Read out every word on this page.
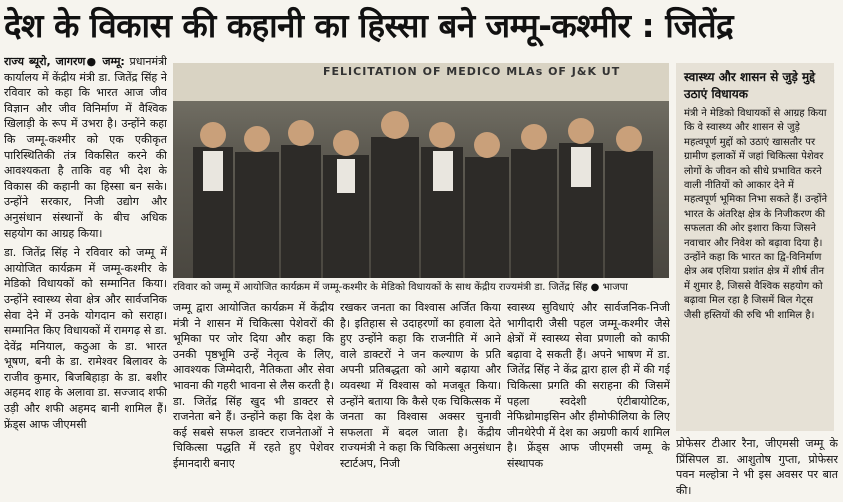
देश के विकास की कहानी का हिस्सा बने जम्मू-कश्मीर : जितेंद्र

राज्य ब्यूरो, जागरण● जम्मू: प्रधानमंत्री कार्यालय में केंद्रीय मंत्री डा. जितेंद्र सिंह ने रविवार को कहा कि भारत आज जीव विज्ञान और जीव विनिर्माण में वैश्विक खिलाड़ी के रूप में उभरा है। उन्होंने कहा कि जम्मू-कश्मीर को एक एकीकृत पारिस्थितिकी तंत्र विकसित करने की आवश्यकता है ताकि वह भी देश के विकास की कहानी का हिस्सा बन सके। उन्होंने सरकार, निजी उद्योग और अनुसंधान संस्थानों के बीच अधिक सहयोग का आग्रह किया।

डा. जितेंद्र सिंह ने रविवार को जम्मू में आयोजित कार्यक्रम में जम्मू-कश्मीर के मेडिको विधायकों को सम्मानित किया। उन्होंने स्वास्थ्य सेवा क्षेत्र और सार्वजनिक सेवा देने में उनके योगदान को सराहा। सम्मानित किए विधायकों में रामगढ़ से डा. देवेंद्र मनियाल, कठुआ के डा. भारत भूषण, बनी के डा. रामेश्वर बिलावर के राजीव कुमार, बिजबिहाड़ा के डा. बशीर अहमद शाह के अलावा डा. सज्जाद शफी उड़ी और शफी अहमद बानी शामिल हैं। फ्रेंड्स आफ जीएमसी

FELICITATION OF MEDICO MLAs OF J&K UT
रविवार को जम्मू में आयोजित कार्यक्रम में जम्मू-कश्मीर के मेडिको विधायकों के साथ केंद्रीय राज्यमंत्री डा. जितेंद्र सिंह ● भाजपा
जम्मू द्वारा आयोजित कार्यक्रम में केंद्रीय मंत्री ने शासन में चिकित्सा पेशेवरों की भूमिका पर जोर दिया और कहा कि उनकी पृष्ठभूमि उन्हें नेतृत्व के लिए, आवश्यक जिम्मेदारी, नैतिकता और सेवा भावना की गहरी भावना से लैस करती है। डा. जितेंद्र सिंह खुद भी डाक्टर से राजनेता बने हैं। उन्होंने कहा कि देश के कई सबसे सफल डाक्टर राजनेताओं ने चिकित्सा पद्धति में रहते हुए पेशेवर ईमानदारी बनाए
रखकर जनता का विश्वास अर्जित किया है। इतिहास से उदाहरणों का हवाला देते हुए उन्होंने कहा कि राजनीति में आने वाले डाक्टरों ने जन कल्याण के प्रति अपनी प्रतिबद्धता को आगे बढ़ाया और व्यवस्था में विश्वास को मजबूत किया। उन्होंने बताया कि कैसे एक चिकित्सक में जनता का विश्वास अक्सर चुनावी सफलता में बदल जाता है। केंद्रीय राज्यमंत्री ने कहा कि चिकित्सा अनुसंधान स्टार्टअप, निजी
स्वास्थ्य सुविधाएं और सार्वजनिक-निजी भागीदारी जैसी पहल जम्मू-कश्मीर जैसे क्षेत्रों में स्वास्थ्य सेवा प्रणाली को काफी बढ़ावा दे सकती हैं। अपने भाषण में डा. जितेंद्र सिंह ने केंद्र द्वारा हाल ही में की गई चिकित्सा प्रगति की सराहना की जिसमें पहला स्वदेशी एंटीबायोटिक, नेफिथ्रोमाइसिन और हीमोफीलिया के लिए जीनथेरेपी में देश का अग्रणी कार्य शामिल है। फ्रेंड्स आफ जीएमसी जम्मू के संस्थापक
स्वास्थ्य और शासन से जुड़े मुद्दे उठाएं विधायक
मंत्री ने मेडिको विधायकों से आग्रह किया कि वे स्वास्थ्य और शासन से जुड़े महत्वपूर्ण मुद्दों को उठाएं खासतौर पर ग्रामीण इलाकों में जहां चिकित्सा पेशेवर लोगों के जीवन को सीधे प्रभावित करने वाली नीतियों को आकार देने में महत्वपूर्ण भूमिका निभा सकते हैं। उन्होंने भारत के अंतरिक्ष क्षेत्र के निजीकरण की सफलता की ओर इशारा किया जिसने नवाचार और निवेश को बढ़ावा दिया है। उन्होंने कहा कि भारत का द्वि-विनिर्माण क्षेत्र अब एशिया प्रशांत क्षेत्र में शीर्ष तीन में शुमार है, जिससे वैश्विक सहयोग को बढ़ावा मिल रहा है जिसमें बिल गेट्स जैसी हस्तियों की रुचि भी शामिल है।
प्रोफेसर टीआर रैना, जीएमसी जम्मू के प्रिंसिपल डा. आशुतोष गुप्ता, प्रोफेसर पवन मल्होत्रा ने भी इस अवसर पर बात की।
